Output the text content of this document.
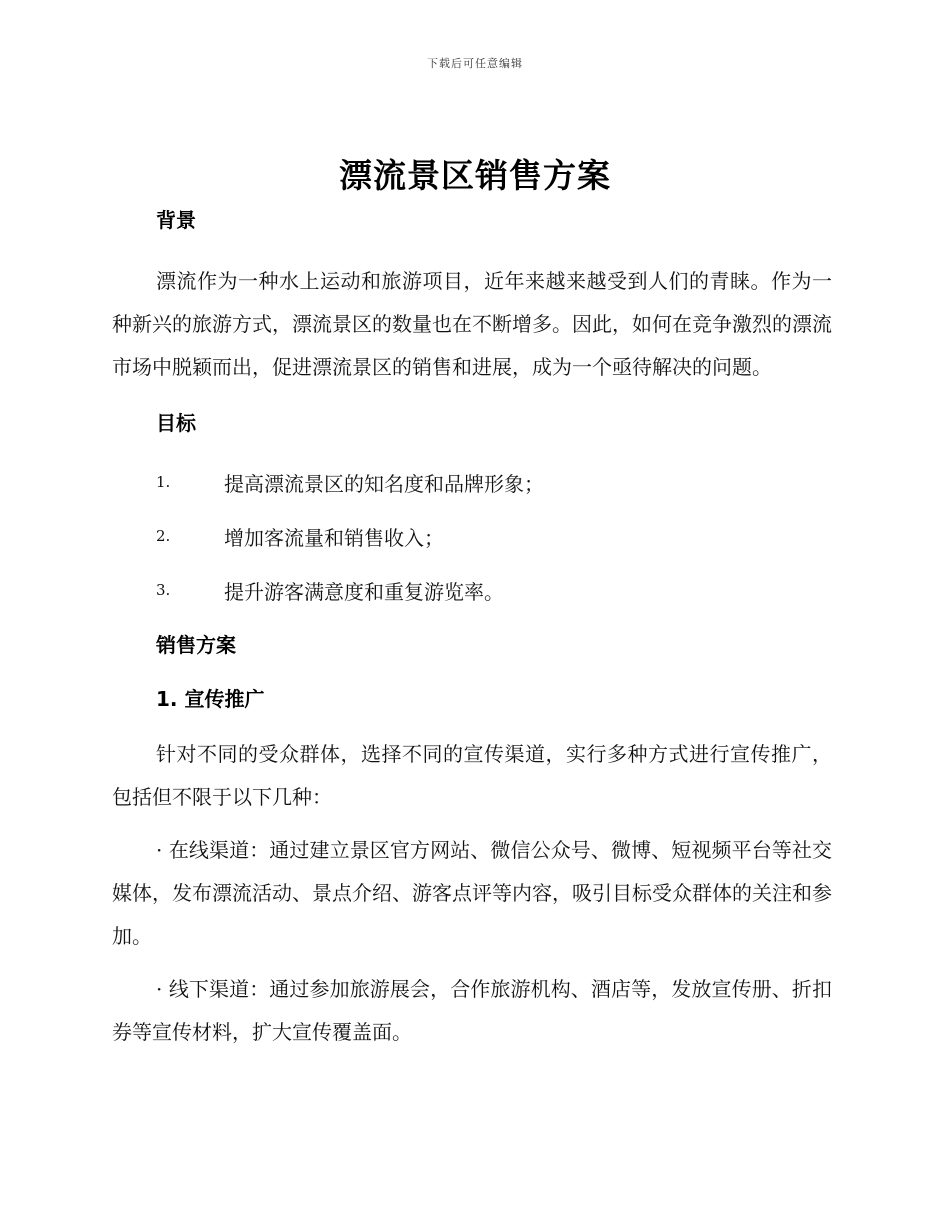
下载后可任意编辑
漂流景区销售方案
背景

漂流作为一种水上运动和旅游项目，近年来越来越受到人们的青睐。作为一种新兴的旅游方式，漂流景区的数量也在不断增多。因此，如何在竞争激烈的漂流市场中脱颖而出，促进漂流景区的销售和进展，成为一个亟待解决的问题。

目标
1.	提高漂流景区的知名度和品牌形象；
2.	增加客流量和销售收入；
3.	提升游客满意度和重复游览率。
销售方案
1. 宣传推广

针对不同的受众群体，选择不同的宣传渠道，实行多种方式进行宣传推广，包括但不限于以下几种：

· 在线渠道：通过建立景区官方网站、微信公众号、微博、短视频平台等社交媒体，发布漂流活动、景点介绍、游客点评等内容，吸引目标受众群体的关注和参加。

· 线下渠道：通过参加旅游展会，合作旅游机构、酒店等，发放宣传册、折扣券等宣传材料，扩大宣传覆盖面。
